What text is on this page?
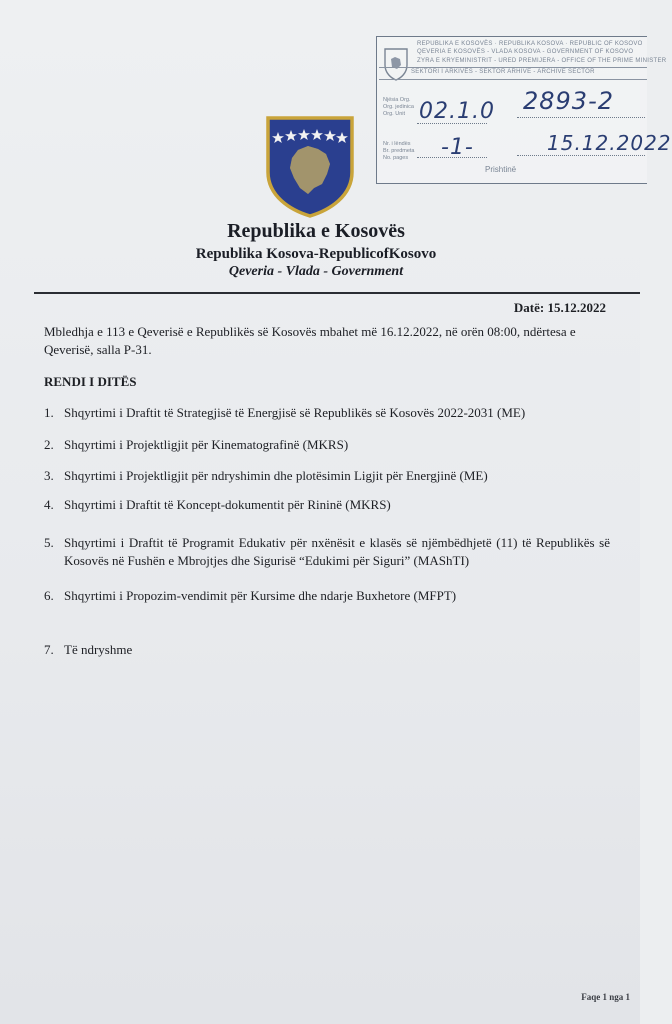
REPUBLIKA E KOSOVËS · REPUBLIKA KOSOVA · REPUBLIC OF KOSOVO
QEVERIA E KOSOVËS - VLADA KOSOVA - GOVERNMENT OF KOSOVO
ZYRA E KRYEMINISTRIT - URED PREMIJERA - OFFICE OF THE PRIME MINISTER
SEKTORI I ARKIVËS - SEKTOR ARHIVE - ARCHIVE SECTOR
Njësia Org.
Org. jedinica
Org. Unit 02.1.0 2893-2
Nr. i lëndës
Br. predmeta
No. pages -1-	15.12.2022
Prishtinë
Republika e Kosovës
Republika Kosova-RepublicofKosovo
Qeveria - Vlada - Government
Datë: 15.12.2022
Mbledhja e 113 e Qeverisë e Republikës së Kosovës mbahet më 16.12.2022, në orën 08:00, ndërtesa e Qeverisë, salla P-31.
RENDI I DITËS
1. Shqyrtimi i Draftit të Strategjisë të Energjisë së Republikës së Kosovës 2022-2031 (ME)
2. Shqyrtimi i Projektligjit për Kinematografinë (MKRS)
3. Shqyrtimi i Projektligjit për ndryshimin dhe plotësimin Ligjit për Energjinë (ME)
4. Shqyrtimi i Draftit të Koncept-dokumentit për Rininë (MKRS)
5. Shqyrtimi i Draftit të Programit Edukativ për nxënësit e klasës së njëmbëdhjetë (11) të Republikës së Kosovës në Fushën e Mbrojtjes dhe Sigurisë “Edukimi për Siguri” (MAShTI)
6. Shqyrtimi i Propozim-vendimit për Kursime dhe ndarje Buxhetore (MFPT)
7. Të ndryshme
Faqe 1 nga 1
